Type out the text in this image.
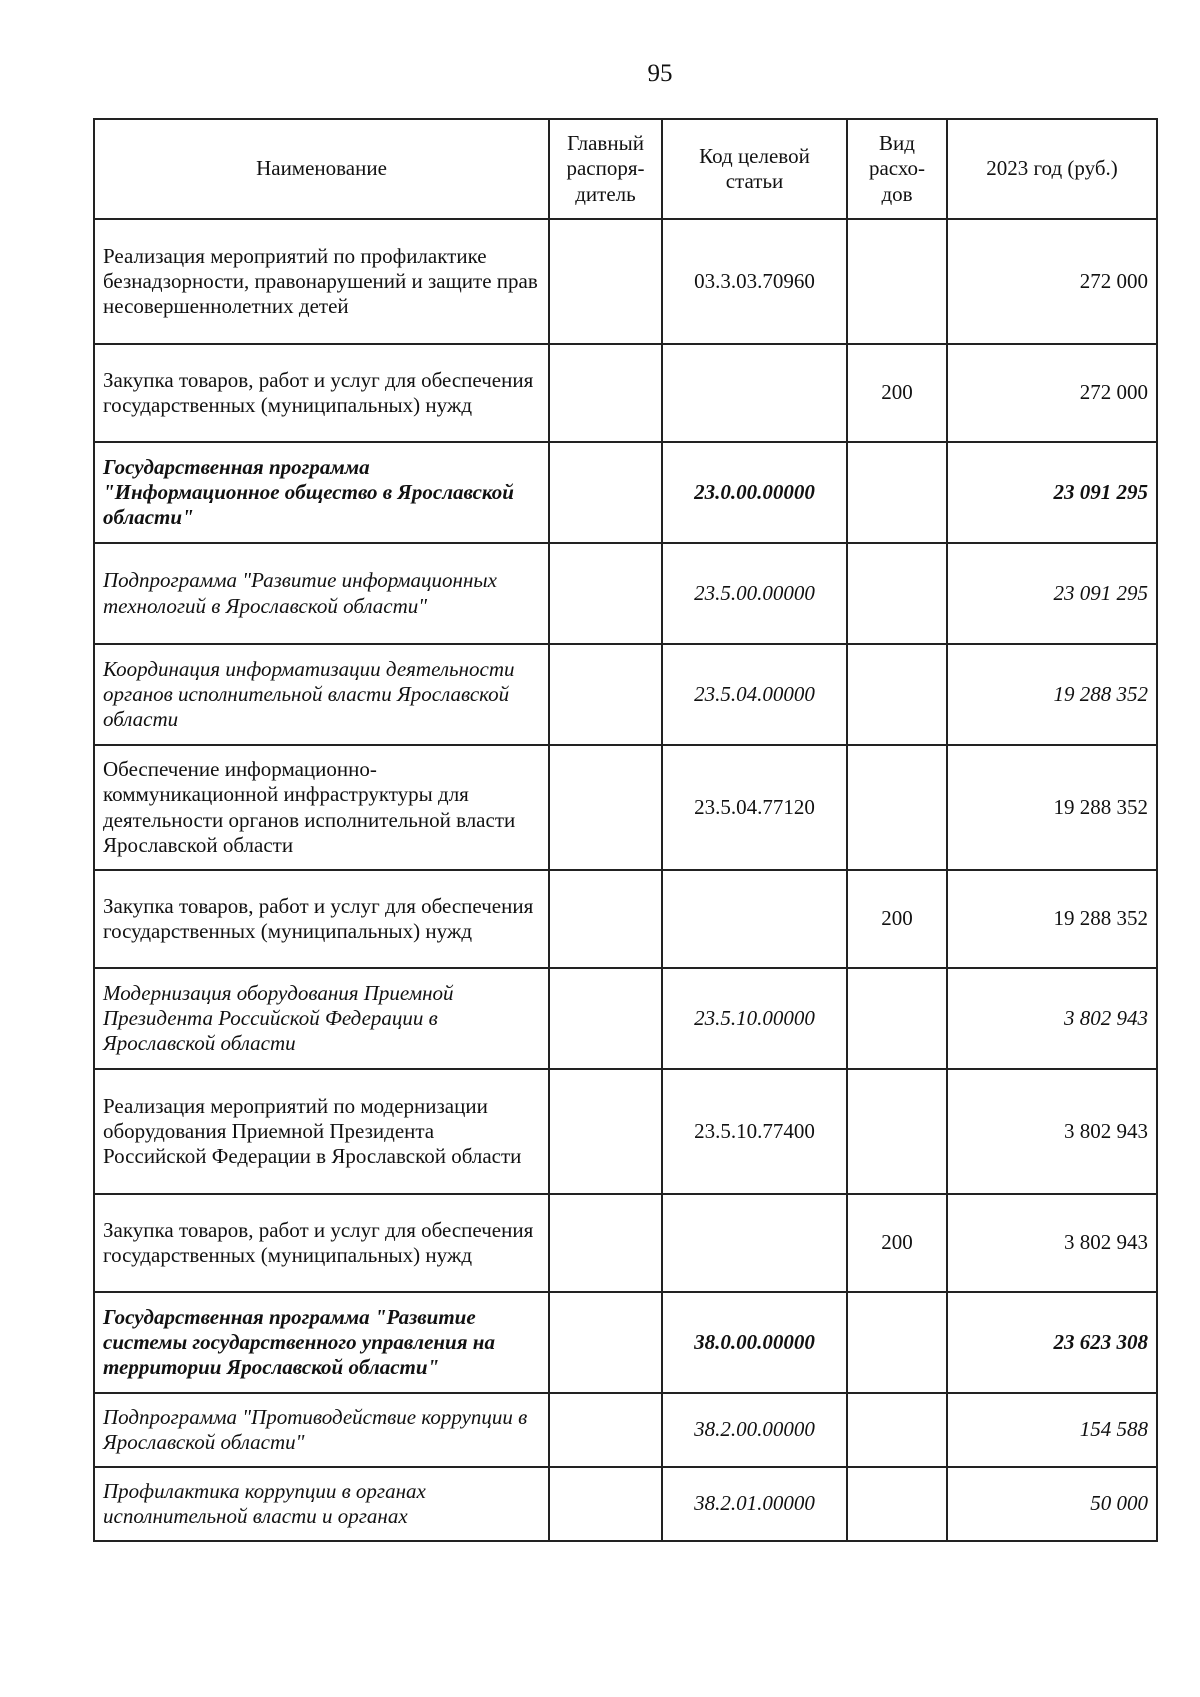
95
Наименование	Главный распоря-дитель	Код целевой статьи	Вид расхо-дов	2023 год (руб.)
Реализация мероприятий по профилактике безнадзорности, правонарушений и защите прав несовершеннолетних детей		03.3.03.70960		272 000
Закупка товаров, работ и услуг для обеспечения государственных (муниципальных) нужд			200	272 000
Государственная программа "Информационное общество в Ярославской области"		23.0.00.00000		23 091 295
Подпрограмма "Развитие информационных технологий в Ярославской области"		23.5.00.00000		23 091 295
Координация информатизации деятельности органов исполнительной власти Ярославской области		23.5.04.00000		19 288 352
Обеспечение информационно-коммуникационной инфраструктуры для деятельности органов исполнительной власти Ярославской области		23.5.04.77120		19 288 352
Закупка товаров, работ и услуг для обеспечения государственных (муниципальных) нужд			200	19 288 352
Модернизация оборудования Приемной Президента Российской Федерации в Ярославской области		23.5.10.00000		3 802 943
Реализация мероприятий по модернизации оборудования Приемной Президента Российской Федерации в Ярославской области		23.5.10.77400		3 802 943
Закупка товаров, работ и услуг для обеспечения государственных (муниципальных) нужд			200	3 802 943
Государственная программа "Развитие системы государственного управления на территории Ярославской области"		38.0.00.00000		23 623 308
Подпрограмма "Противодействие коррупции в Ярославской области"		38.2.00.00000		154 588
Профилактика коррупции в органах исполнительной власти и органах		38.2.01.00000		50 000
